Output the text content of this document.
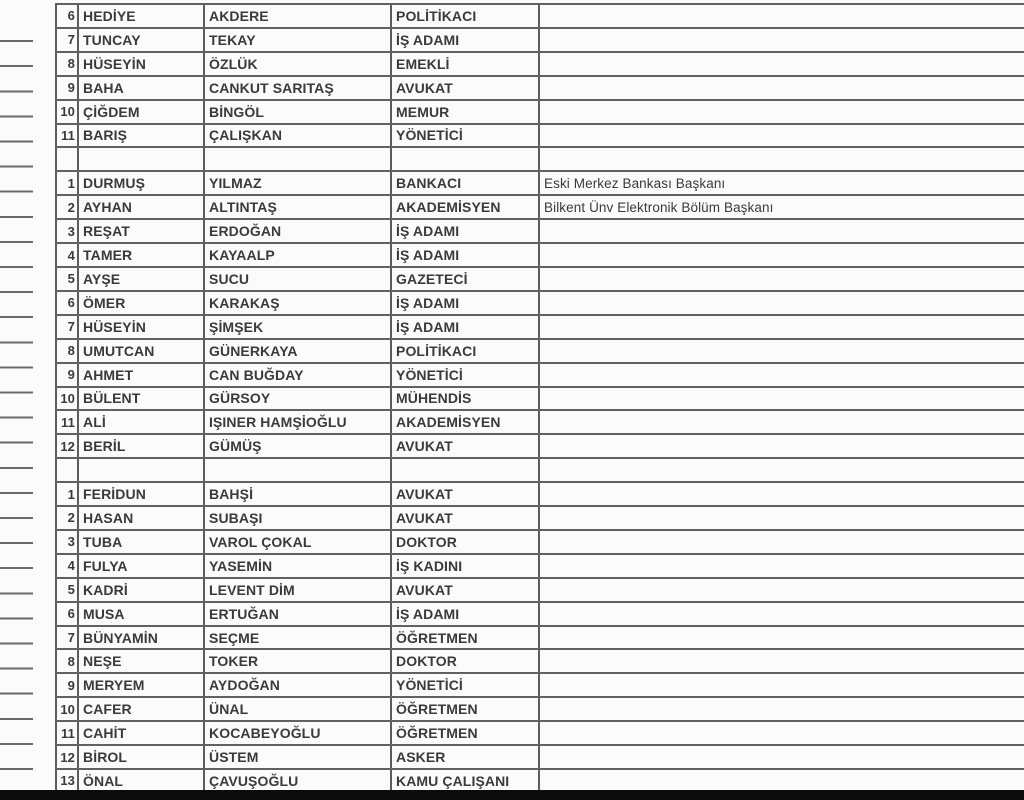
6 HEDİYE	AKDERE	POLİTİKACI
7 TUNCAY	TEKAY	İŞ ADAMI
8 HÜSEYİN	ÖZLÜK	EMEKLİ
9 BAHA	CANKUT SARITAŞ	AVUKAT
10 ÇİĞDEM	BİNGÖL	MEMUR
11 BARIŞ	ÇALIŞKAN	YÖNETİCİ
1 DURMUŞ	YILMAZ	BANKACI	Eski Merkez Bankası Başkanı
2 AYHAN	ALTINTAŞ	AKADEMİSYEN	Bilkent Ünv Elektronik Bölüm Başkanı
3 REŞAT	ERDOĞAN	İŞ ADAMI
4 TAMER	KAYAALP	İŞ ADAMI
5 AYŞE	SUCU	GAZETECİ
6 ÖMER	KARAKAŞ	İŞ ADAMI
7 HÜSEYİN	ŞİMŞEK	İŞ ADAMI
8 UMUTCAN	GÜNERKAYA	POLİTİKACI
9 AHMET	CAN BUĞDAY	YÖNETİCİ
10 BÜLENT	GÜRSOY	MÜHENDİS
11 ALİ	IŞINER HAMŞİOĞLU	AKADEMİSYEN
12 BERİL	GÜMÜŞ	AVUKAT
1 FERİDUN	BAHŞİ	AVUKAT
2 HASAN	SUBAŞI	AVUKAT
3 TUBA	VAROL ÇOKAL	DOKTOR
4 FULYA	YASEMİN	İŞ KADINI
5 KADRİ	LEVENT DİM	AVUKAT
6 MUSA	ERTUĞAN	İŞ ADAMI
7 BÜNYAMİN	SEÇME	ÖĞRETMEN
8 NEŞE	TOKER	DOKTOR
9 MERYEM	AYDOĞAN	YÖNETİCİ
10 CAFER	ÜNAL	ÖĞRETMEN
11 CAHİT	KOCABEYOĞLU	ÖĞRETMEN
12 BİROL	ÜSTEM	ASKER
13 ÖNAL	ÇAVUŞOĞLU	KAMU ÇALIŞANI
